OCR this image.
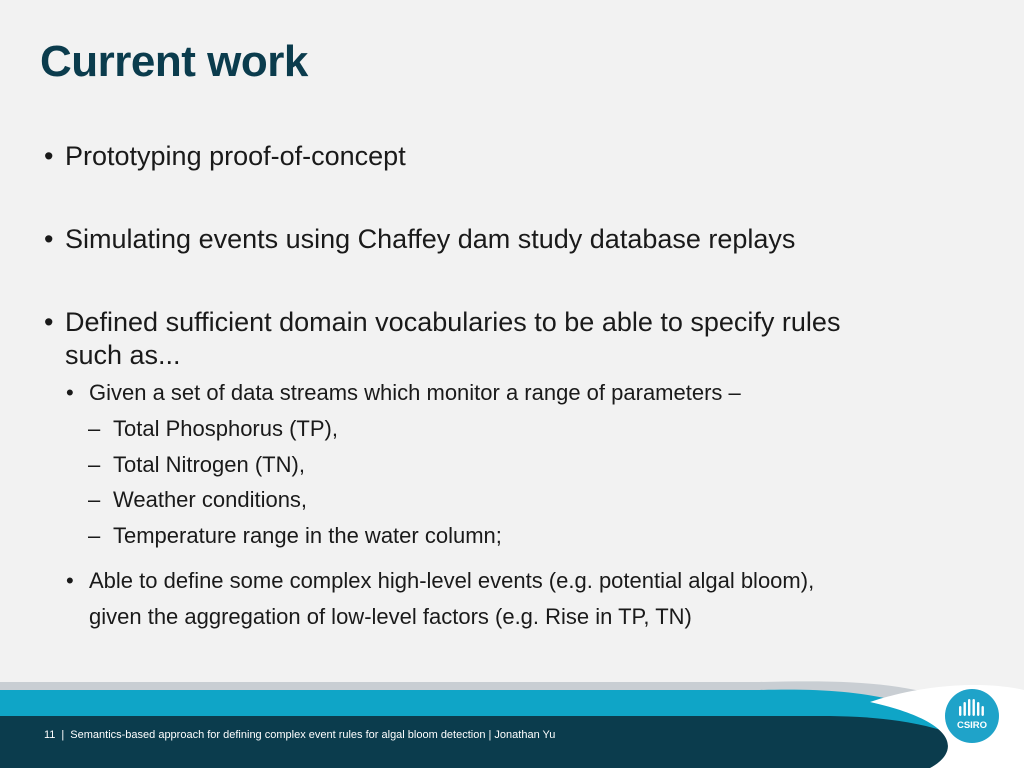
Current work
• Prototyping proof-of-concept
• Simulating events using Chaffey dam study database replays
• Defined sufficient domain vocabularies to be able to specify rules
such as...
• Given a set of data streams which monitor a range of parameters –
– Total Phosphorus (TP),
– Total Nitrogen (TN),
– Weather conditions,
– Temperature range in the water column;
• Able to define some complex high-level events (e.g. potential algal bloom),
given the aggregation of low-level factors (e.g. Rise in TP, TN)
11 | Semantics-based approach for defining complex event rules for algal bloom detection | Jonathan Yu
CSIRO
